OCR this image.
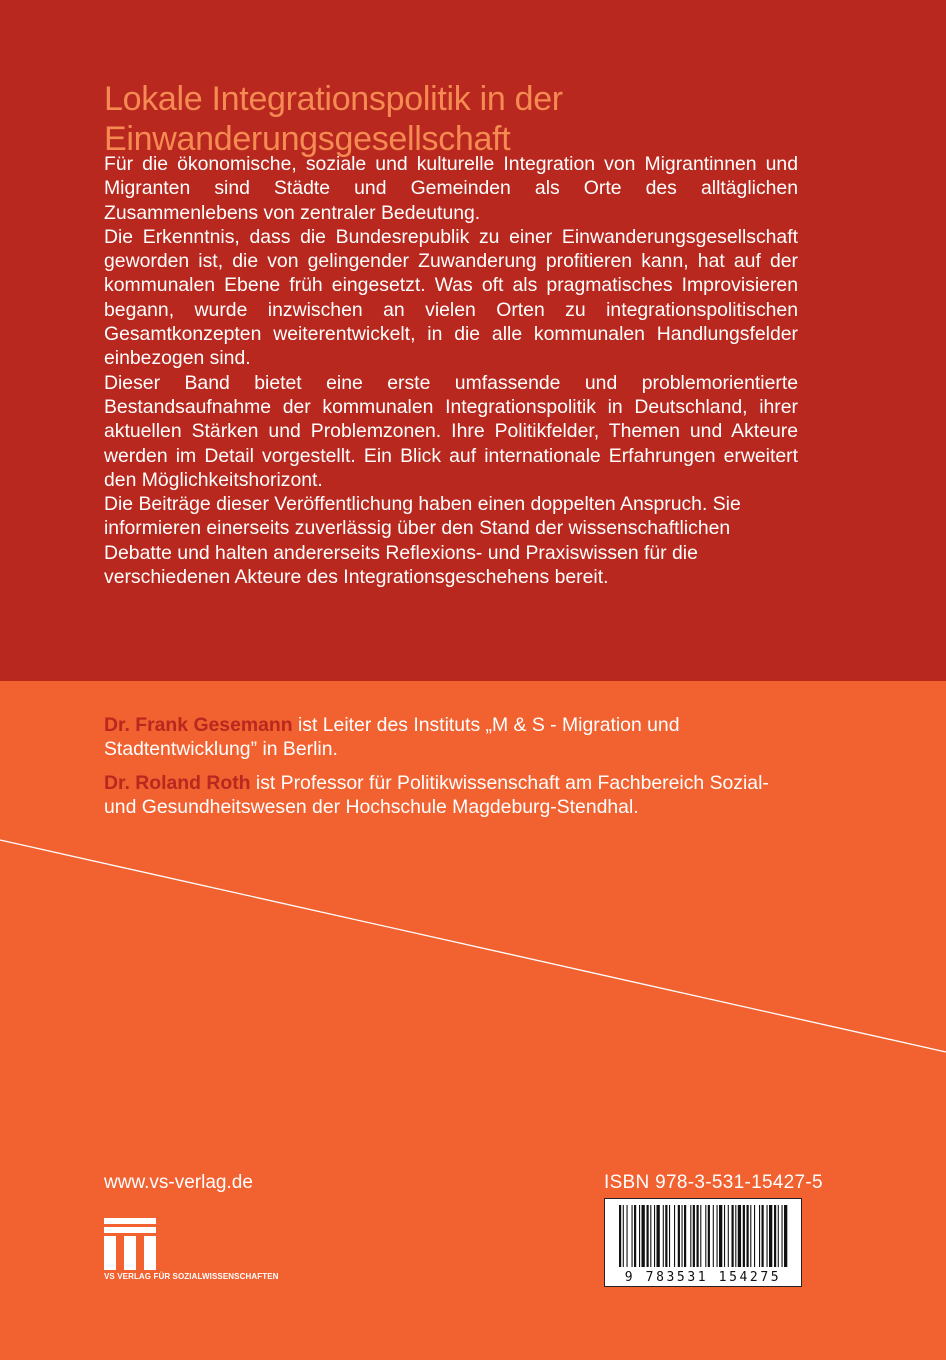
Lokale Integrationspolitik in der
Einwanderungsgesellschaft

Für die ökonomische, soziale und kulturelle Integration von Migrantinnen und Migranten sind Städte und Gemeinden als Orte des alltäglichen Zusammenlebens von zentraler Bedeutung.

Die Erkenntnis, dass die Bundesrepublik zu einer Einwanderungsgesellschaft geworden ist, die von gelingender Zuwanderung profitieren kann, hat auf der kommunalen Ebene früh eingesetzt. Was oft als pragmatisches Improvisieren begann, wurde inzwischen an vielen Orten zu integrationspolitischen Gesamtkonzepten weiterentwickelt, in die alle kommunalen Handlungsfelder einbezogen sind.

Dieser Band bietet eine erste umfassende und problemorientierte Bestandsaufnahme der kommunalen Integrationspolitik in Deutschland, ihrer aktuellen Stärken und Problemzonen. Ihre Politikfelder, Themen und Akteure werden im Detail vorgestellt. Ein Blick auf internationale Erfahrungen erweitert den Möglichkeitshorizont.

Die Beiträge dieser Veröffentlichung haben einen doppelten Anspruch. Sie informieren einerseits zuverlässig über den Stand der wissenschaftlichen Debatte und halten andererseits Reflexions- und Praxiswissen für die verschiedenen Akteure des Integrationsgeschehens bereit.

Dr. Frank Gesemann ist Leiter des Instituts „M & S - Migration und Stadtentwicklung” in Berlin.

Dr. Roland Roth ist Professor für Politikwissenschaft am Fachbereich Sozial- und Gesundheitswesen der Hochschule Magdeburg-Stendhal.

www.vs-verlag.de
VS VERLAG FÜR SOZIALWISSENSCHAFTEN
ISBN 978-3-531-15427-5
9 783531 154275
